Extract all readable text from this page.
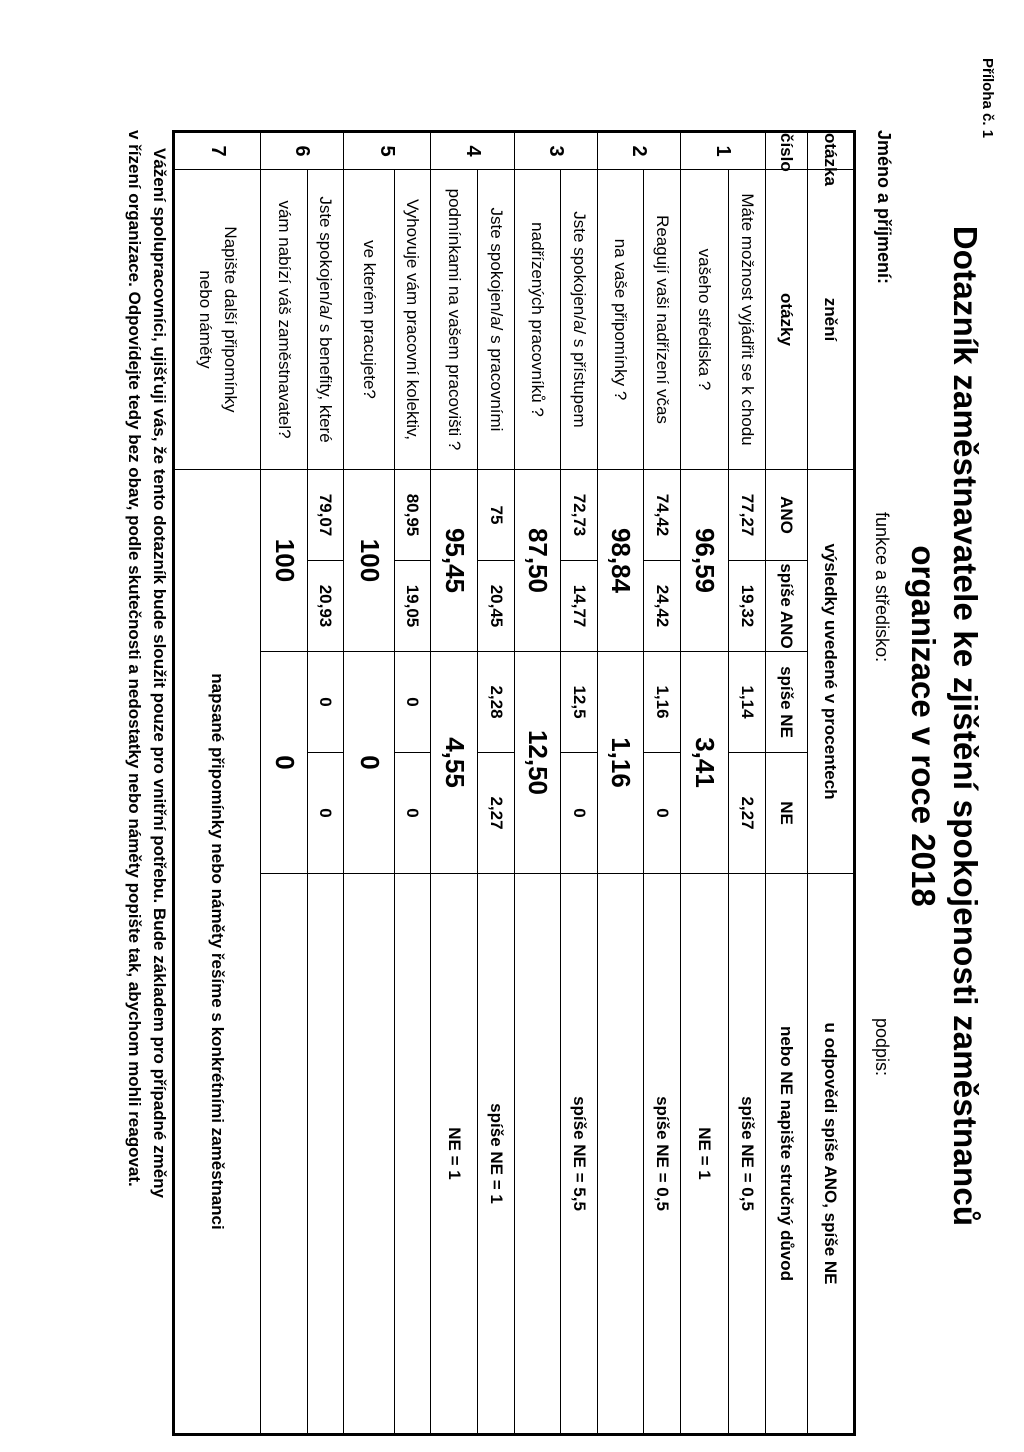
Příloha č. 1
Dotazník zaměstnavatele ke zjištění spokojenosti zaměstnanců
organizace v roce 2018
Jméno a příjmení:
funkce a středisko:
podpis:
otázka	znění	výsledky uvedené v procentech				u odpovědi spíše ANO, spíše NE
číslo	otázky	ANO	spíše ANO	spíše NE	NE	nebo NE napište stručný důvod
1	Máte možnost vyjádřit se k chodu	77,27	19,32	1,14	2,27	spíše NE = 0,5
	vašeho střediska ?	96,59		3,41		NE = 1
2	Reagují vaši nadřízení včas	74,42	24,42	1,16	0	spíše NE = 0,5
	na vaše připomínky ?	98,84		1,16		
3	Jste spokojen/a/ s přístupem	72,73	14,77	12,5	0	spíše NE = 5,5
	nadřízených pracovníků ?	87,50		12,50		
4	Jste spokojen/a/ s pracovními	75	20,45	2,28	2,27	spíše NE = 1
	podmínkami na vašem pracovišti ?	95,45		4,55		NE = 1
5	Vyhovuje vám pracovní kolektiv,	80,95	19,05	0	0	
	ve kterém pracujete?	100		0		
6	Jste spokojen/a/ s benefity, které	79,07	20,93	0	0	
	vám nabízí váš zaměstnavatel?	100		0		
7	Napište další připomínky
nebo náměty	napsané připomínky nebo náměty řešíme s konkrétními zaměstnanci				
Vážení spolupracovníci, ujišťuji vás, že tento dotazník bude sloužit pouze pro vnitřní potřebu. Bude základem pro případné změny
v řízení organizace. Odpovídejte tedy bez obav, podle skutečnosti a nedostatky nebo náměty popište tak, abychom mohli reagovat.
